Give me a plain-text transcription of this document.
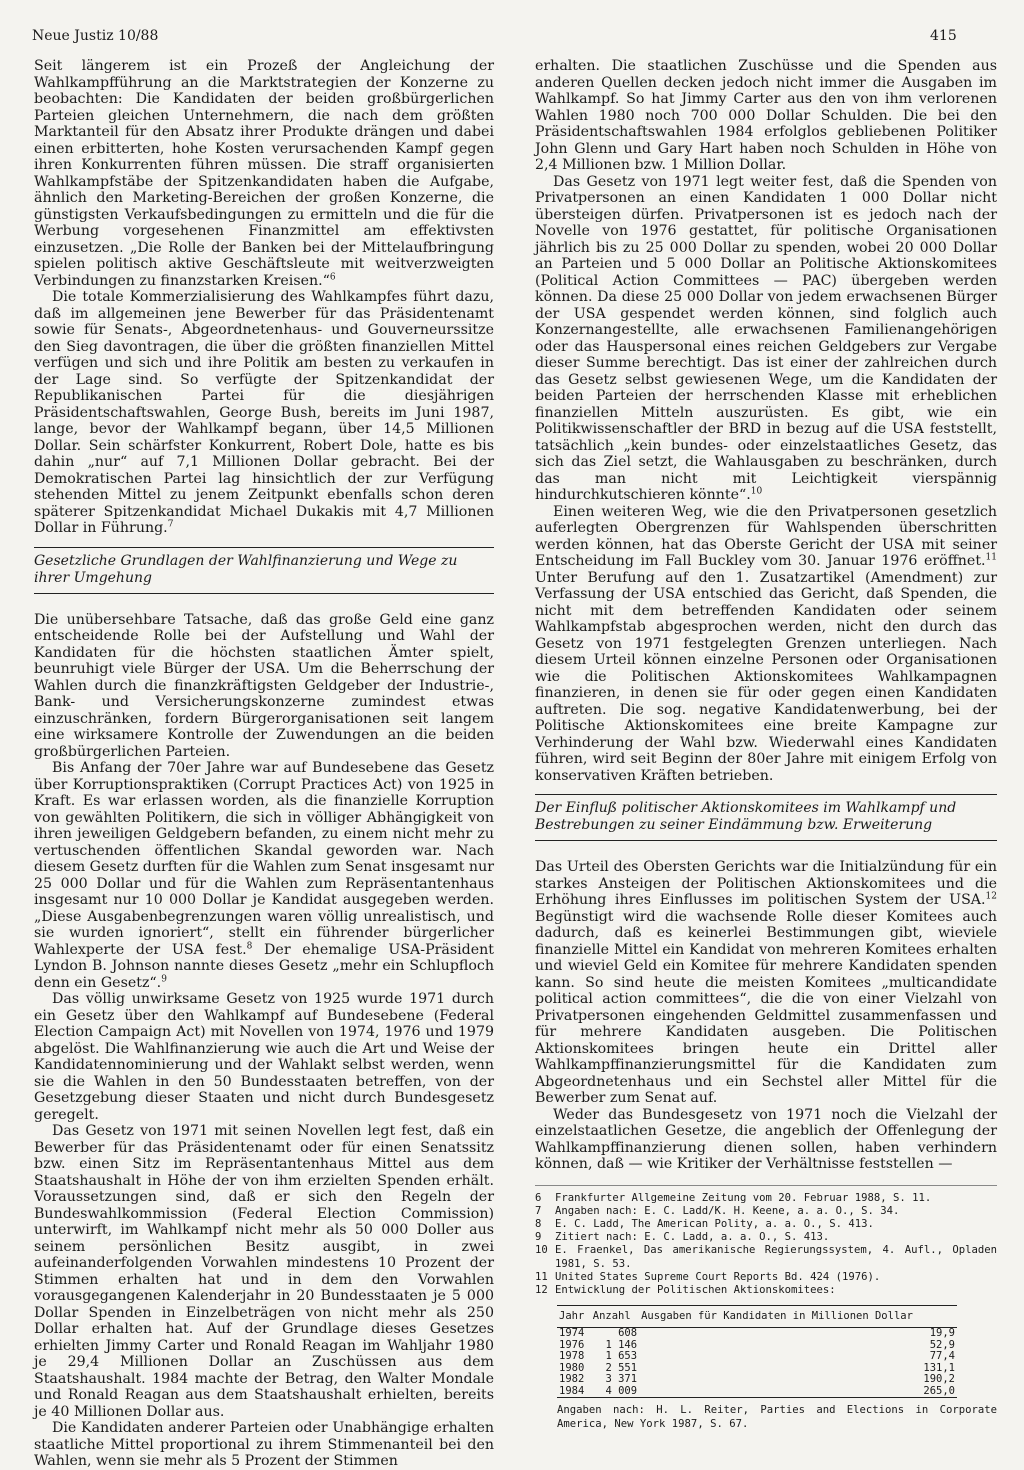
Neue Justiz 10/88	415

Seit längerem ist ein Prozeß der Angleichung der Wahlkampfführung an die Marktstrategien der Konzerne zu beobachten: Die Kandidaten der beiden großbürgerlichen Parteien gleichen Unternehmern, die nach dem größten Marktanteil für den Absatz ihrer Produkte drängen und dabei einen erbitterten, hohe Kosten verursachenden Kampf gegen ihren Konkurrenten führen müssen. Die straff organisierten Wahlkampfstäbe der Spitzenkandidaten haben die Aufgabe, ähnlich den Marketing-Bereichen der großen Konzerne, die günstigsten Verkaufsbedingungen zu ermitteln und die für die Werbung vorgesehenen Finanzmittel am effektivsten einzusetzen. „Die Rolle der Banken bei der Mittelaufbringung spielen politisch aktive Geschäftsleute mit weitverzweigten Verbindungen zu finanzstarken Kreisen.“$^6$

Die totale Kommerzialisierung des Wahlkampfes führt dazu, daß im allgemeinen jene Bewerber für das Präsidentenamt sowie für Senats-, Abgeordnetenhaus- und Gouverneurssitze den Sieg davontragen, die über die größten finanziellen Mittel verfügen und sich und ihre Politik am besten zu verkaufen in der Lage sind. So verfügte der Spitzenkandidat der Republikanischen Partei für die diesjährigen Präsidentschaftswahlen, George Bush, bereits im Juni 1987, lange, bevor der Wahlkampf begann, über 14,5 Millionen Dollar. Sein schärfster Konkurrent, Robert Dole, hatte es bis dahin „nur“ auf 7,1 Millionen Dollar gebracht. Bei der Demokratischen Partei lag hinsichtlich der zur Verfügung stehenden Mittel zu jenem Zeitpunkt ebenfalls schon deren späterer Spitzenkandidat Michael Dukakis mit 4,7 Millionen Dollar in Führung.$^7$

Gesetzliche Grundlagen der Wahlfinanzierung und Wege zu ihrer Umgehung

Die unübersehbare Tatsache, daß das große Geld eine ganz entscheidende Rolle bei der Aufstellung und Wahl der Kandidaten für die höchsten staatlichen Ämter spielt, beunruhigt viele Bürger der USA. Um die Beherrschung der Wahlen durch die finanzkräftigsten Geldgeber der Industrie-, Bank- und Versicherungskonzerne zumindest etwas einzuschränken, fordern Bürgerorganisationen seit langem eine wirksamere Kontrolle der Zuwendungen an die beiden großbürgerlichen Parteien.

Bis Anfang der 70er Jahre war auf Bundesebene das Gesetz über Korruptionspraktiken (Corrupt Practices Act) von 1925 in Kraft. Es war erlassen worden, als die finanzielle Korruption von gewählten Politikern, die sich in völliger Abhängigkeit von ihren jeweiligen Geldgebern befanden, zu einem nicht mehr zu vertuschenden öffentlichen Skandal geworden war. Nach diesem Gesetz durften für die Wahlen zum Senat insgesamt nur 25 000 Dollar und für die Wahlen zum Repräsentantenhaus insgesamt nur 10 000 Dollar je Kandidat ausgegeben werden. „Diese Ausgabenbegrenzungen waren völlig unrealistisch, und sie wurden ignoriert“, stellt ein führender bürgerlicher Wahlexperte der USA fest.$^8$ Der ehemalige USA-Präsident Lyndon B. Johnson nannte dieses Gesetz „mehr ein Schlupfloch denn ein Gesetz“.$^9$

Das völlig unwirksame Gesetz von 1925 wurde 1971 durch ein Gesetz über den Wahlkampf auf Bundesebene (Federal Election Campaign Act) mit Novellen von 1974, 1976 und 1979 abgelöst. Die Wahlfinanzierung wie auch die Art und Weise der Kandidatennominierung und der Wahlakt selbst werden, wenn sie die Wahlen in den 50 Bundesstaaten betreffen, von der Gesetzgebung dieser Staaten und nicht durch Bundesgesetz geregelt.

Das Gesetz von 1971 mit seinen Novellen legt fest, daß ein Bewerber für das Präsidentenamt oder für einen Senatssitz bzw. einen Sitz im Repräsentantenhaus Mittel aus dem Staatshaushalt in Höhe der von ihm erzielten Spenden erhält. Voraussetzungen sind, daß er sich den Regeln der Bundeswahlkommission (Federal Election Commission) unterwirft, im Wahlkampf nicht mehr als 50 000 Doller aus seinem persönlichen Besitz ausgibt, in zwei aufeinanderfolgenden Vorwahlen mindestens 10 Prozent der Stimmen erhalten hat und in dem den Vorwahlen vorausgegangenen Kalenderjahr in 20 Bundesstaaten je 5 000 Dollar Spenden in Einzelbeträgen von nicht mehr als 250 Dollar erhalten hat. Auf der Grundlage dieses Gesetzes erhielten Jimmy Carter und Ronald Reagan im Wahljahr 1980 je 29,4 Millionen Dollar an Zuschüssen aus dem Staatshaushalt. 1984 machte der Betrag, den Walter Mondale und Ronald Reagan aus dem Staatshaushalt erhielten, bereits je 40 Millionen Dollar aus.

Die Kandidaten anderer Parteien oder Unabhängige erhalten staatliche Mittel proportional zu ihrem Stimmenanteil bei den Wahlen, wenn sie mehr als 5 Prozent der Stimmen

erhalten. Die staatlichen Zuschüsse und die Spenden aus anderen Quellen decken jedoch nicht immer die Ausgaben im Wahlkampf. So hat Jimmy Carter aus den von ihm verlorenen Wahlen 1980 noch 700 000 Dollar Schulden. Die bei den Präsidentschaftswahlen 1984 erfolglos gebliebenen Politiker John Glenn und Gary Hart haben noch Schulden in Höhe von 2,4 Millionen bzw. 1 Million Dollar.

Das Gesetz von 1971 legt weiter fest, daß die Spenden von Privatpersonen an einen Kandidaten 1 000 Dollar nicht übersteigen dürfen. Privatpersonen ist es jedoch nach der Novelle von 1976 gestattet, für politische Organisationen jährlich bis zu 25 000 Dollar zu spenden, wobei 20 000 Dollar an Parteien und 5 000 Dollar an Politische Aktionskomitees (Political Action Committees — PAC) übergeben werden können. Da diese 25 000 Dollar von jedem erwachsenen Bürger der USA gespendet werden können, sind folglich auch Konzernangestellte, alle erwachsenen Familienangehörigen oder das Hauspersonal eines reichen Geldgebers zur Vergabe dieser Summe berechtigt. Das ist einer der zahlreichen durch das Gesetz selbst gewiesenen Wege, um die Kandidaten der beiden Parteien der herrschenden Klasse mit erheblichen finanziellen Mitteln auszurüsten. Es gibt, wie ein Politikwissenschaftler der BRD in bezug auf die USA feststellt, tatsächlich „kein bundes- oder einzelstaatliches Gesetz, das sich das Ziel setzt, die Wahlausgaben zu beschränken, durch das man nicht mit Leichtigkeit vierspännig hindurchkutschieren könnte“.$^{10}$

Einen weiteren Weg, wie die den Privatpersonen gesetzlich auferlegten Obergrenzen für Wahlspenden überschritten werden können, hat das Oberste Gericht der USA mit seiner Entscheidung im Fall Buckley vom 30. Januar 1976 eröffnet.$^{11}$ Unter Berufung auf den 1. Zusatzartikel (Amendment) zur Verfassung der USA entschied das Gericht, daß Spenden, die nicht mit dem betreffenden Kandidaten oder seinem Wahlkampfstab abgesprochen werden, nicht den durch das Gesetz von 1971 festgelegten Grenzen unterliegen. Nach diesem Urteil können einzelne Personen oder Organisationen wie die Politischen Aktionskomitees Wahlkampagnen finanzieren, in denen sie für oder gegen einen Kandidaten auftreten. Die sog. negative Kandidatenwerbung, bei der Politische Aktionskomitees eine breite Kampagne zur Verhinderung der Wahl bzw. Wiederwahl eines Kandidaten führen, wird seit Beginn der 80er Jahre mit einigem Erfolg von konservativen Kräften betrieben.

Der Einfluß politischer Aktionskomitees im Wahlkampf und Bestrebungen zu seiner Eindämmung bzw. Erweiterung

Das Urteil des Obersten Gerichts war die Initialzündung für ein starkes Ansteigen der Politischen Aktionskomitees und die Erhöhung ihres Einflusses im politischen System der USA.$^{12}$ Begünstigt wird die wachsende Rolle dieser Komitees auch dadurch, daß es keinerlei Bestimmungen gibt, wieviele finanzielle Mittel ein Kandidat von mehreren Komitees erhalten und wieviel Geld ein Komitee für mehrere Kandidaten spenden kann. So sind heute die meisten Komitees „multicandidate political action committees“, die die von einer Vielzahl von Privatpersonen eingehenden Geldmittel zusammenfassen und für mehrere Kandidaten ausgeben. Die Politischen Aktionskomitees bringen heute ein Drittel aller Wahlkampffinanzierungsmittel für die Kandidaten zum Abgeordnetenhaus und ein Sechstel aller Mittel für die Bewerber zum Senat auf.

Weder das Bundesgesetz von 1971 noch die Vielzahl der einzelstaatlichen Gesetze, die angeblich der Offenlegung der Wahlkampffinanzierung dienen sollen, haben verhindern können, daß — wie Kritiker der Verhältnisse feststellen —

6	Frankfurter Allgemeine Zeitung vom 20. Februar 1988, S. 11.
7	Angaben nach: E. C. Ladd/K. H. Keene, a. a. O., S. 34.
8	E. C. Ladd, The American Polity, a. a. O., S. 413.
9	Zitiert nach: E. C. Ladd, a. a. O., S. 413.
10 E. Fraenkel, Das amerikanische Regierungssystem, 4. Aufl., Opladen 1981, S. 53.
11 United States Supreme Court Reports Bd. 424 (1976).
12 Entwicklung der Politischen Aktionskomitees:
Jahr	Anzahl	Ausgaben für Kandidaten in Millionen Dollar
1974	608	19,9
1976	1 146	52,9
1978	1 653	77,4
1980	2 551	131,1
1982	3 371	190,2
1984	4 009	265,0
Angaben nach: H. L. Reiter, Parties and Elections in Corporate America, New York 1987, S. 67.
